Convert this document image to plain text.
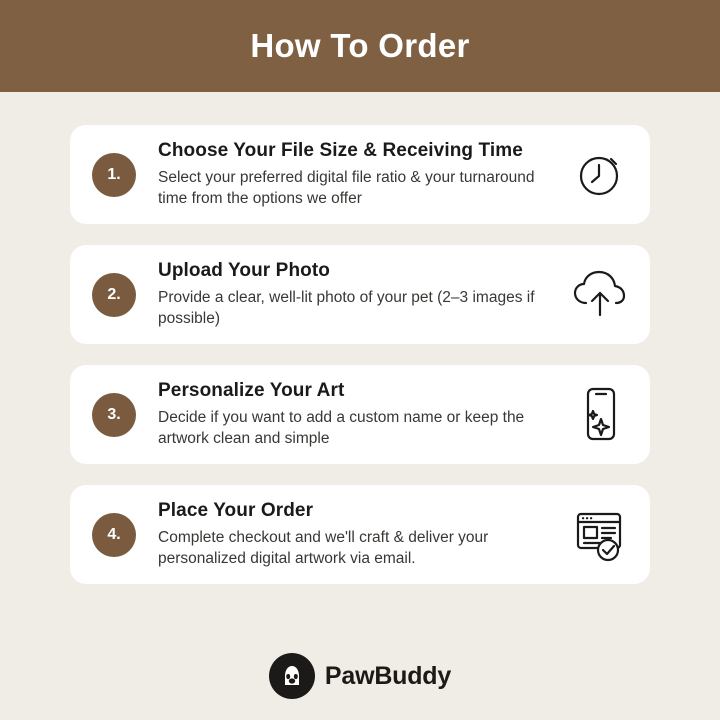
How To Order
1.
Choose Your File Size & Receiving Time
Select your preferred digital file ratio & your turnaround time from the options we offer
2.
Upload Your Photo
Provide a clear, well-lit photo of your pet (2–3 images if possible)
3.
Personalize Your Art
Decide if you want to add a custom name or keep the artwork clean and simple
4.
Place Your Order
Complete checkout and we'll craft & deliver your personalized digital artwork via email.
PawBuddy
